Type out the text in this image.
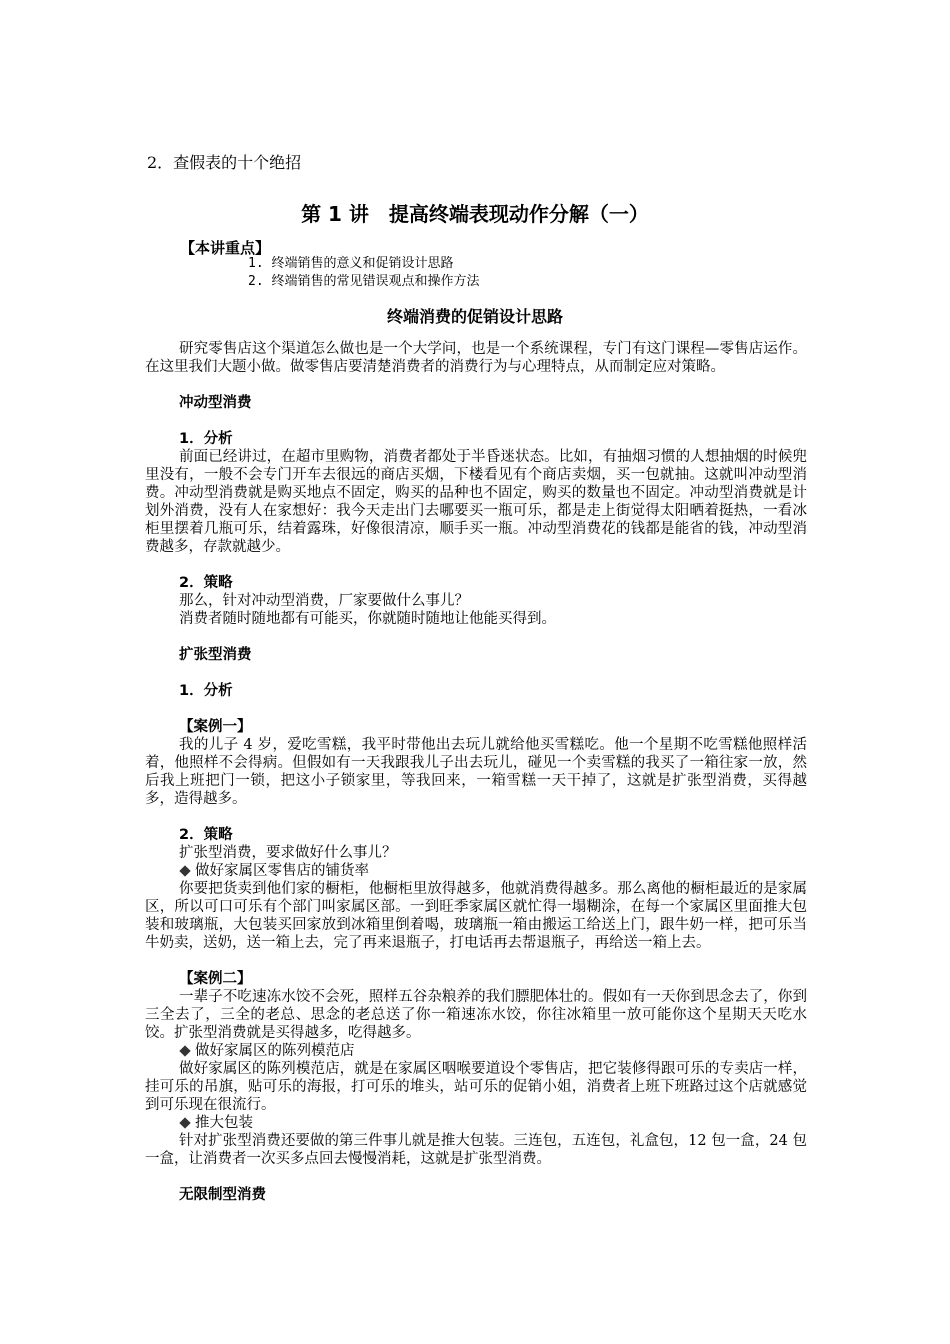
2．查假表的十个绝招
第 1 讲　提高终端表现动作分解（一）
【本讲重点】
1. 终端销售的意义和促销设计思路
2. 终端销售的常见错误观点和操作方法
终端消费的促销设计思路

研究零售店这个渠道怎么做也是一个大学问，也是一个系统课程，专门有这门课程—零售店运作。在这里我们大题小做。做零售店要清楚消费者的消费行为与心理特点，从而制定应对策略。

冲动型消费

1．分析

前面已经讲过，在超市里购物，消费者都处于半昏迷状态。比如，有抽烟习惯的人想抽烟的时候兜里没有，一般不会专门开车去很远的商店买烟，下楼看见有个商店卖烟，买一包就抽。这就叫冲动型消费。冲动型消费就是购买地点不固定，购买的品种也不固定，购买的数量也不固定。冲动型消费就是计划外消费，没有人在家想好：我今天走出门去哪要买一瓶可乐，都是走上街觉得太阳晒着挺热，一看冰柜里摆着几瓶可乐，结着露珠，好像很清凉，顺手买一瓶。冲动型消费花的钱都是能省的钱，冲动型消费越多，存款就越少。

2．策略

那么，针对冲动型消费，厂家要做什么事儿？

消费者随时随地都有可能买，你就随时随地让他能买得到。

扩张型消费

1．分析

【案例一】

我的儿子 4 岁，爱吃雪糕，我平时带他出去玩儿就给他买雪糕吃。他一个星期不吃雪糕他照样活着，他照样不会得病。但假如有一天我跟我儿子出去玩儿，碰见一个卖雪糕的我买了一箱往家一放，然后我上班把门一锁，把这小子锁家里，等我回来，一箱雪糕一天干掉了，这就是扩张型消费，买得越多，造得越多。

2．策略

扩张型消费，要求做好什么事儿？

做好家属区零售店的铺货率

你要把货卖到他们家的橱柜，他橱柜里放得越多，他就消费得越多。那么离他的橱柜最近的是家属区，所以可口可乐有个部门叫家属区部。一到旺季家属区就忙得一塌糊涂，在每一个家属区里面推大包装和玻璃瓶，大包装买回家放到冰箱里倒着喝，玻璃瓶一箱由搬运工给送上门，跟牛奶一样，把可乐当牛奶卖，送奶，送一箱上去，完了再来退瓶子，打电话再去帮退瓶子，再给送一箱上去。

【案例二】

一辈子不吃速冻水饺不会死，照样五谷杂粮养的我们膘肥体壮的。假如有一天你到思念去了，你到三全去了，三全的老总、思念的老总送了你一箱速冻水饺，你往冰箱里一放可能你这个星期天天吃水饺。扩张型消费就是买得越多，吃得越多。

做好家属区的陈列模范店

做好家属区的陈列模范店，就是在家属区咽喉要道设个零售店，把它装修得跟可乐的专卖店一样，挂可乐的吊旗，贴可乐的海报，打可乐的堆头，站可乐的促销小姐，消费者上班下班路过这个店就感觉到可乐现在很流行。

推大包装

针对扩张型消费还要做的第三件事儿就是推大包装。三连包，五连包，礼盒包，12 包一盒，24 包一盒，让消费者一次买多点回去慢慢消耗，这就是扩张型消费。

无限制型消费
